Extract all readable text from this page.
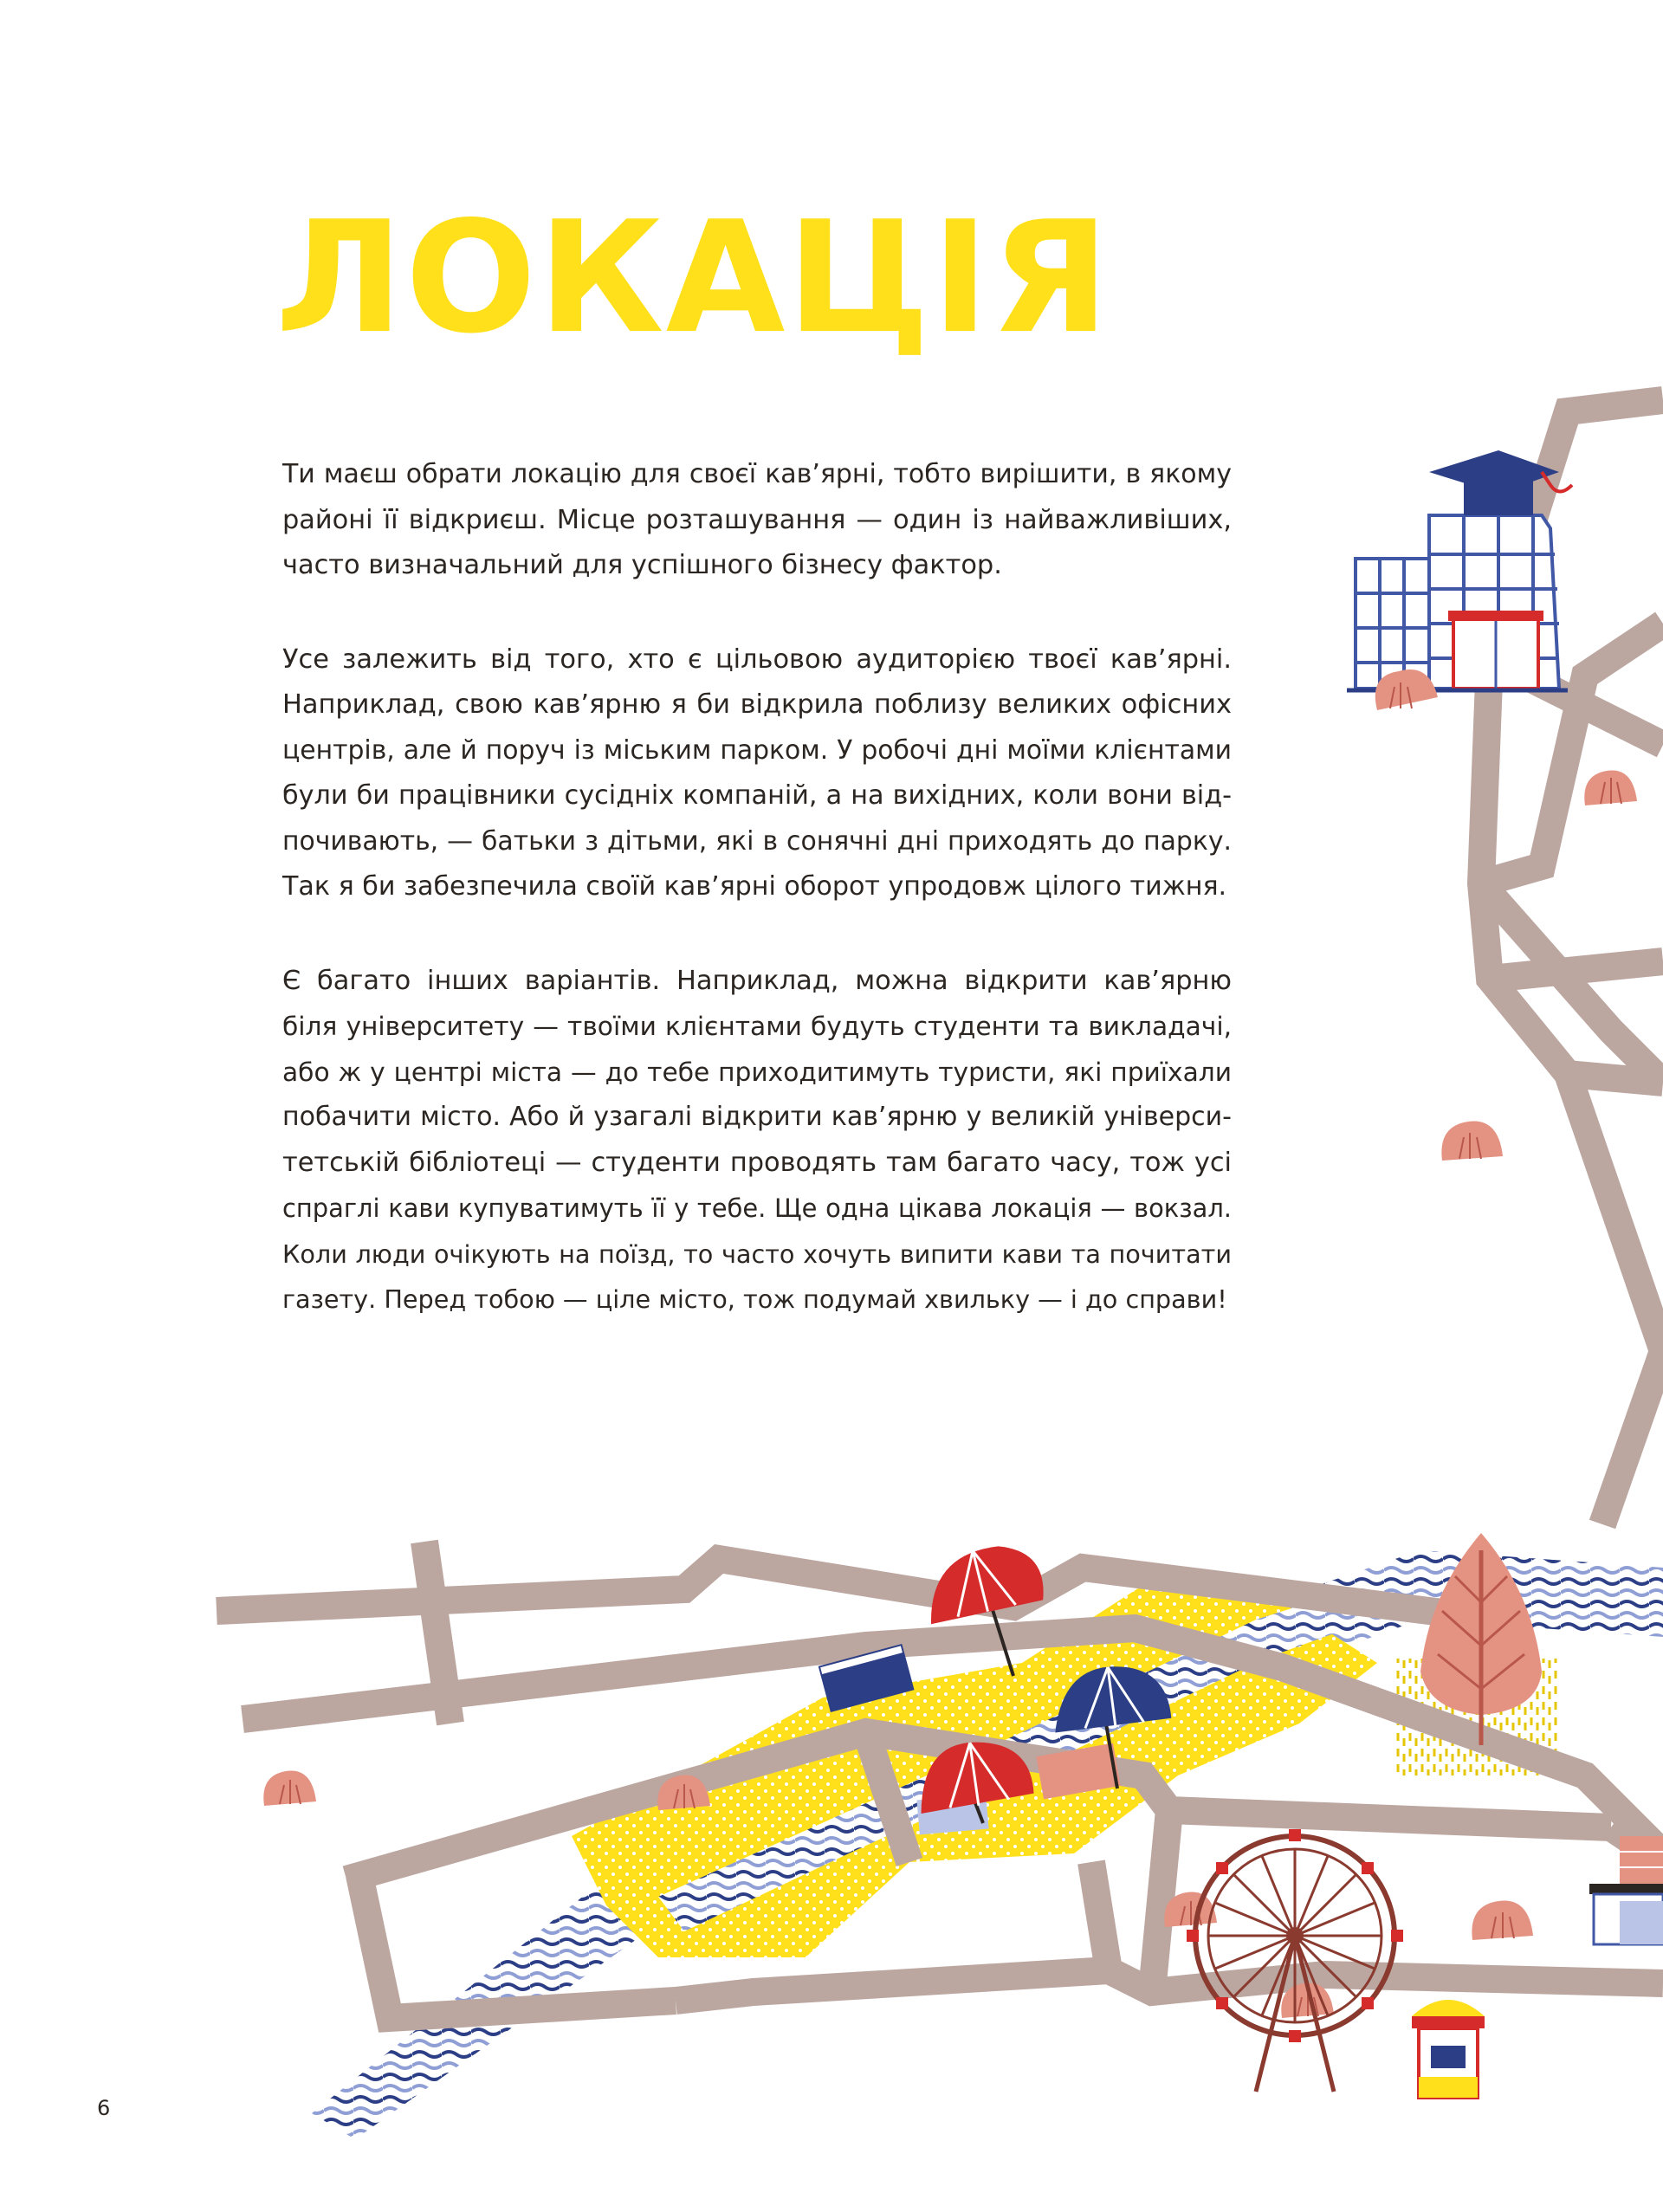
ЛОКАЦІЯ

Ти маєш обрати локацію для своєї кав’ярні, тобто вирішити, в якому
районі її відкриєш. Місце розташування — один із найважливіших,
часто визначальний для успішного бізнесу фактор.

Усе залежить від того, хто є цільовою аудиторією твоєї кав’ярні.
Наприклад, свою кав’ярню я би відкрила поблизу великих офісних
центрів, але й поруч із міським парком. У робочі дні моїми клієнтами
були би працівники сусідніх компаній, а на вихідних, коли вони від-
почивають, — батьки з дітьми, які в сонячні дні приходять до парку.
Так я би забезпечила своїй кав’ярні оборот упродовж цілого тижня.

Є багато інших варіантів. Наприклад, можна відкрити кав’ярню
біля університету — твоїми клієнтами будуть студенти та викладачі,
або ж у центрі міста — до тебе приходитимуть туристи, які приїхали
побачити місто. Або й узагалі відкрити кав’ярню у великій універси-
тетській бібліотеці — студенти проводять там багато часу, тож усі
спраглі кави купуватимуть її у тебе. Ще одна цікава локація — вокзал.
Коли люди очікують на поїзд, то часто хочуть випити кави та почитати
газету. Перед тобою — ціле місто, тож подумай хвильку — і до справи!

6
